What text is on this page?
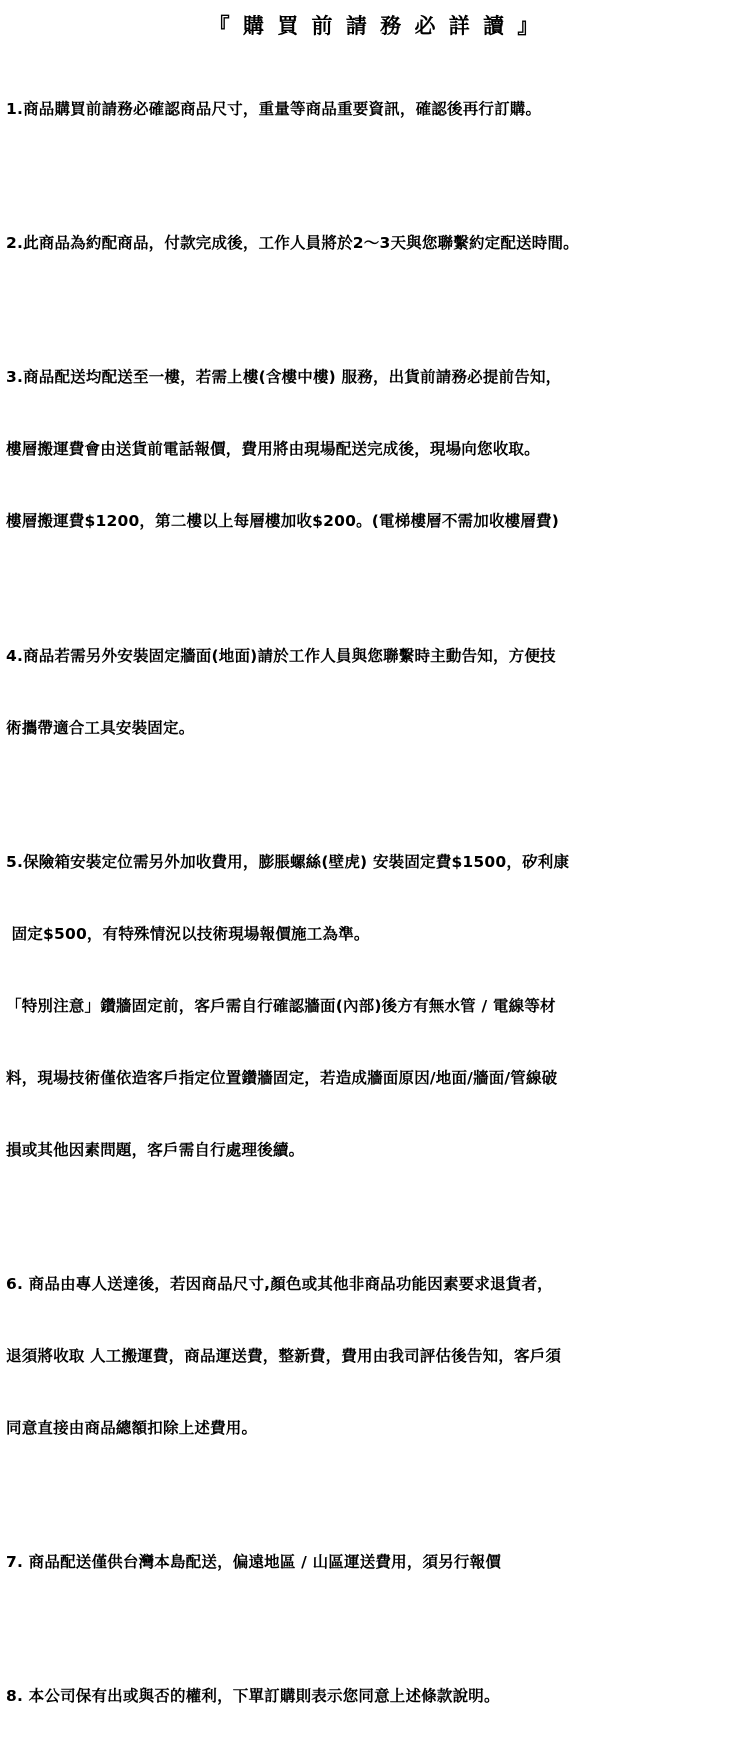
『 購 買 前 請 務 必 詳 讀 』

1.商品購買前請務必確認商品尺寸，重量等商品重要資訊，確認後再行訂購。

2.此商品為約配商品，付款完成後，工作人員將於2～3天與您聯繫約定配送時間。

3.商品配送均配送至一樓，若需上樓(含樓中樓) 服務，出貨前請務必提前告知，

樓層搬運費會由送貨前電話報價，費用將由現場配送完成後，現場向您收取。

樓層搬運費$1200，第二樓以上每層樓加收$200。(電梯樓層不需加收樓層費)

4.商品若需另外安裝固定牆面(地面)請於工作人員與您聯繫時主動告知，方便技

術攜帶適合工具安裝固定。

5.保險箱安裝定位需另外加收費用，膨脹螺絲(壁虎) 安裝固定費$1500，矽利康

固定$500，有特殊情況以技術現場報價施工為準。

「特別注意」鑽牆固定前，客戶需自行確認牆面(內部)後方有無水管 / 電線等材

料，現場技術僅依造客戶指定位置鑽牆固定，若造成牆面原因/地面/牆面/管線破

損或其他因素問題，客戶需自行處理後續。

6. 商品由專人送達後，若因商品尺寸,顏色或其他非商品功能因素要求退貨者，

退須將收取 人工搬運費，商品運送費，整新費，費用由我司評估後告知，客戶須

同意直接由商品總額扣除上述費用。

7. 商品配送僅供台灣本島配送，偏遠地區 / 山區運送費用，須另行報價

8. 本公司保有出或與否的權利，下單訂購則表示您同意上述條款說明。
